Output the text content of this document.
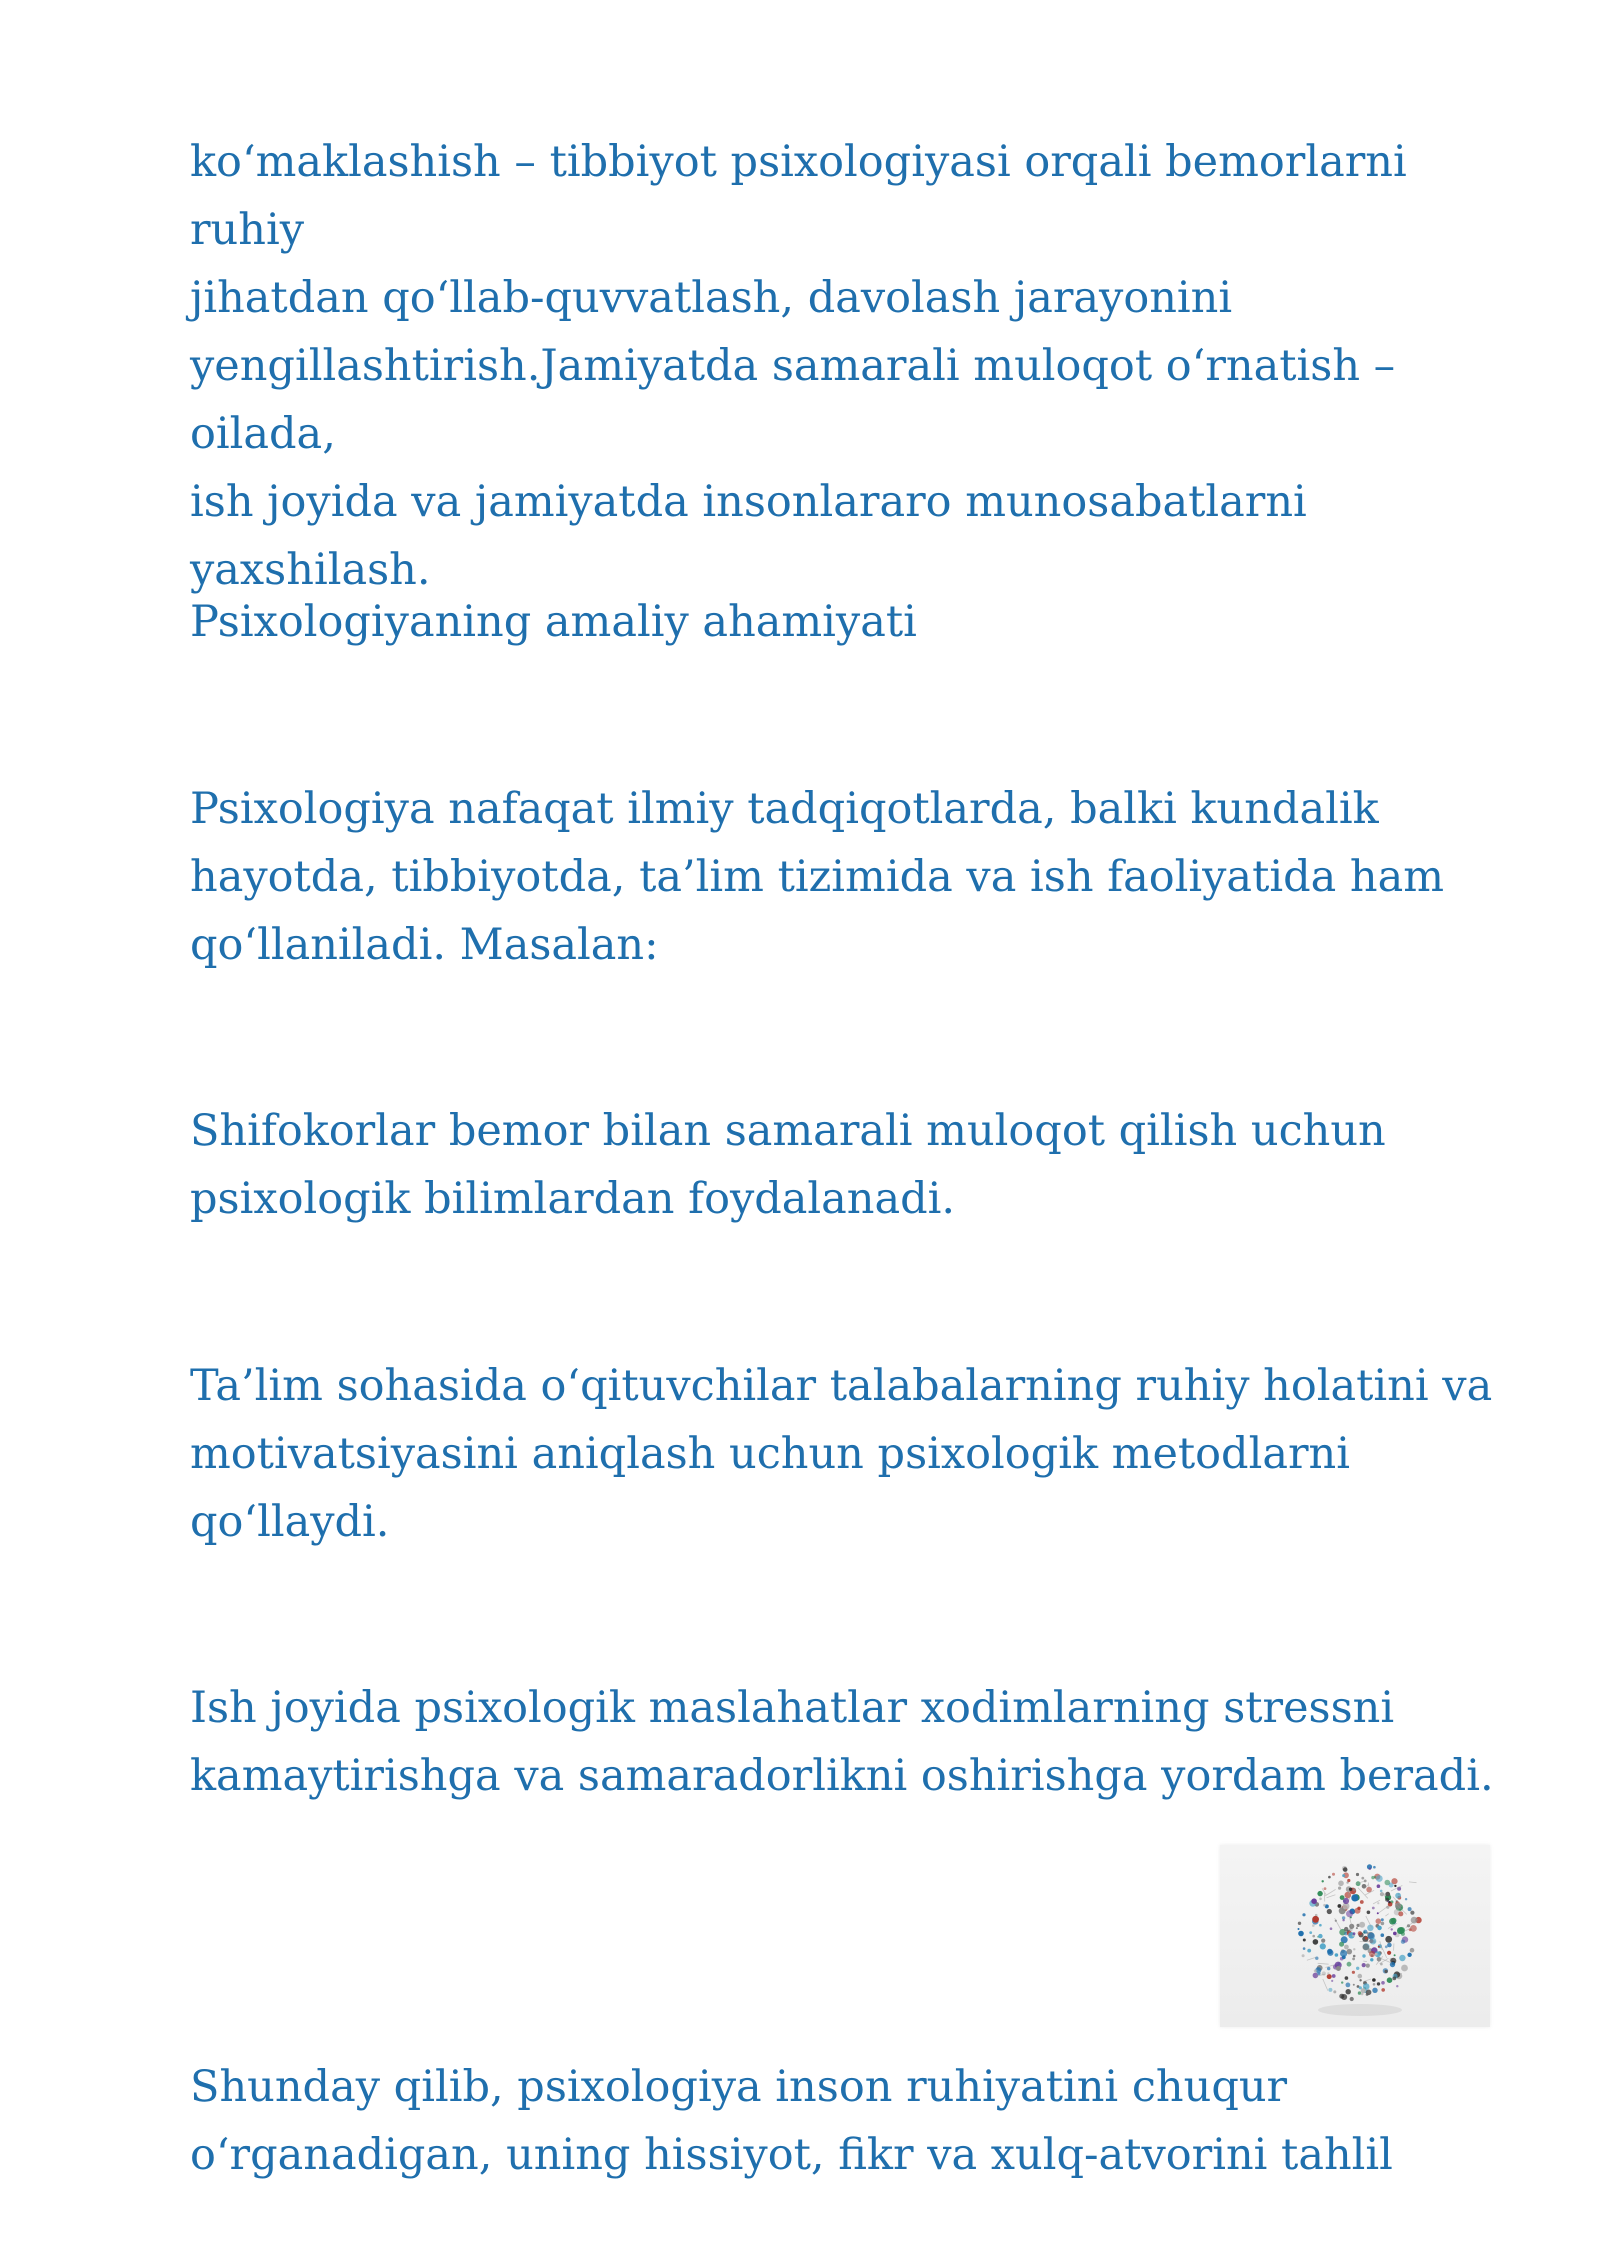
ko‘maklashish – tibbiyot psixologiyasi orqali bemorlarni ruhiy
jihatdan qo‘llab-quvvatlash, davolash jarayonini
yengillashtirish.Jamiyatda samarali muloqot o‘rnatish – oilada,
ish joyida va jamiyatda insonlararo munosabatlarni
yaxshilash.

Psixologiyaning amaliy ahamiyati

Psixologiya nafaqat ilmiy tadqiqotlarda, balki kundalik
hayotda, tibbiyotda, ta’lim tizimida va ish faoliyatida ham
qo‘llaniladi. Masalan:

Shifokorlar bemor bilan samarali muloqot qilish uchun
psixologik bilimlardan foydalanadi.

Ta’lim sohasida o‘qituvchilar talabalarning ruhiy holatini va
motivatsiyasini aniqlash uchun psixologik metodlarni
qo‘llaydi.

Ish joyida psixologik maslahatlar xodimlarning stressni
kamaytirishga va samaradorlikni oshirishga yordam beradi.

Shunday qilib, psixologiya inson ruhiyatini chuqur
o‘rganadigan, uning hissiyot, fikr va xulq-atvorini tahlil
